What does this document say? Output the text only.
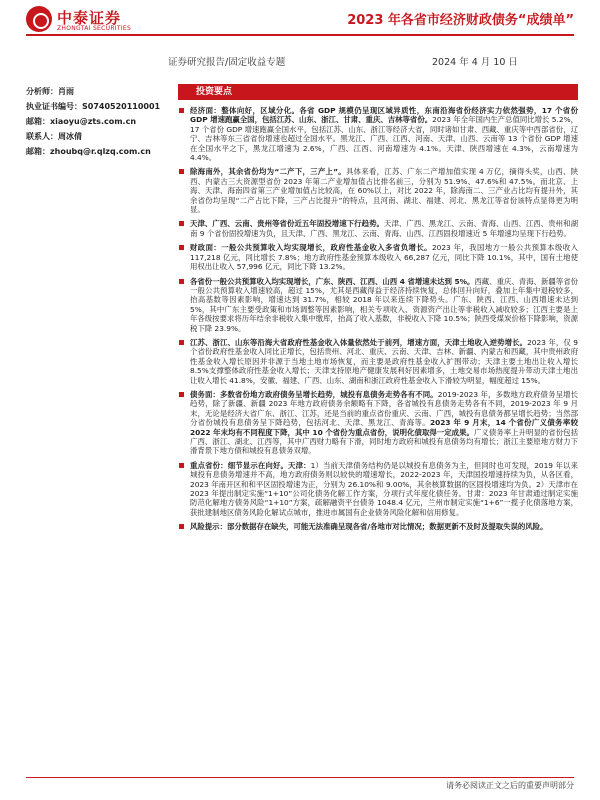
中泰证券
ZHONGTAI SECURITIES
2023 年各省市经济财政债务“成绩单”
证券研究报告/固定收益专题	2024 年 4 月 10 日
分析师：肖雨
执业证书编号：S0740520110001
邮箱：xiaoyu@zts.com.cn
联系人：周冰倩
邮箱：zhoubq@r.qlzq.com.cn
投资要点
经济面：整体向好，区域分化。各省 GDP 规模仍呈现区域异质性，东南沿海省份经济实力依然强势，17 个省份 GDP 增速跑赢全国，包括江苏、山东、浙江、甘肃、重庆、吉林等省份。2023 年全年国内生产总值同比增长 5.2%，17 个省份 GDP 增速跑赢全国水平，包括江苏、山东、浙江等经济大省，同时诸如甘肃、西藏、重庆等中西部省份，辽宁、吉林等东三省省份增速也超过全国水平。黑龙江、广西、江西、河南、天津、山西、云南等 13 个省份 GDP 增速在全国水平之下，黑龙江增速为 2.6%，广西、江西、河南增速为 4.1%。天津、陕西增速在 4.3%，云南增速为 4.4%。
除海南外，其余省份均为“二产下，三产上”。具体来看，江苏、广东二产增加值实现 4 万亿，摘得头奖，山西、陕西、内蒙古三大资源型省份 2023 年第二产业增加值占比排名前三，分别为 51.9%、47.6%和 47.5%。而北京、上海、天津、海南四省第三产业增加值占比较高，在 60%以上，对比 2022 年，除海南二、三产业占比均有提升外，其余省份均呈现“二产占比下降，三产占比提升”的特点，且河南、湖北、福建、河北、黑龙江等省份该特点显得更为明显。
天津、广西、云南、贵州等省份近五年固投增速下行趋势。天津、广西、黑龙江、云南、青海、山西、江西、贵州和湖南 9 个省份固投增速为负，且天津、广西、黑龙江、云南、青海、山西、江西固投增速近 5 年增速均呈现下行趋势。
财政面：一般公共预算收入均实现增长，政府性基金收入多省负增长。2023 年，我国地方一般公共预算本级收入 117,218 亿元，同比增长 7.8%；地方政府性基金预算本级收入 66,287 亿元，同比下降 10.1%，其中，国有土地使用权出让收入 57,996 亿元，同比下降 13.2%。
各省份一般公共预算收入均实现增长，广东、陕西、江西、山西 4 省增速未达到 5%。西藏、重庆、青海、新疆等省份一般公共预算收入增速较高，超过 15%，尤其是西藏得益于经济持续恢复，总体回升向好，叠加上年集中退税较多，抬高基数等因素影响，增速达到 31.7%，相较 2018 年以来连续下降势头。广东、陕西、江西、山西增速未达到 5%，其中广东主要受政策和市场调整等因素影响，相关专项收入、资源资产出让等非税收入减收较多；江西主要是上年各级按要求将历年结余非税收入集中缴库，抬高了收入基数，非税收入下降 10.5%；陕西受煤炭价格下降影响，资源税下降 23.9%。
江苏、浙江、山东等沿海大省政府性基金收入体量依然处于前列，增速方面，天津土地收入逆势增长。2023 年，仅 9 个省份政府性基金收入同比正增长，包括贵州、河北、重庆、云南、天津、吉林、新疆、内蒙古和西藏，其中贵州政府性基金收入增长原因并非源于当地土地市场恢复，而主要是政府性基金收入扩围带动；天津主要土地出让收入增长 8.5%支撑整体政府性基金收入增长；天津支持原地产健康发展利好因素增多，土地交易市场热度提升带动天津土地出让收入增长 41.8%，安徽、福建、广西、山东、湖南和浙江政府性基金收入下滑较为明显，幅度超过 15%。
债务面：多数省份地方政府债务呈增长趋势，城投有息债务走势各有不同。2019-2023 年，多数地方政府债务呈增长趋势，除了新疆、新疆 2023 年地方政府债务余额略有下降，各省城投有息债务走势各有不同，2019-2023 年 9 月末，无论是经济大省广东、浙江、江苏，还是当前的重点省份重庆、云南、广西，城投有息债务都呈增长趋势；当然部分省份城投有息债务呈下降趋势，包括河北、天津、黑龙江、青海等。2023 年 9 月末，14 个省份广义债务率较 2022 年末均有不同程度下降，其中 10 个省份为重点省份，说明化债取得一定成果。广义债务率上升明显的省份包括广西、浙江、湖北、江西等，其中广西财力略有下滑，同时地方政府和城投有息债务均有增长；浙江主要原地方财力下滑背景下地方债和城投有息债务双增。
重点省份：细节显示在向好。天津：1）当前天津债务结构仍是以城投有息债务为主，但同时也可发现，2019 年以来城投有息债务增速并不高，地方政府债务则以较快的增速增长，2022-2023 年，天津国投增速持续为负，从各区看，2023 年南开区和和平区固投增速为正，分别为 26.10%和 9.00%，其余核算数据的区固投增速均为负。2）天津市在 2023 年提出制定实施“1+10”公司化债务化解工作方案，分项行式年度化债任务。甘肃：2023 年甘肃通过制定实施防范化解地方债务风险“1+10”方案，疏解融资平台债务 1048.4 亿元，兰州市制定实施“1+6”一揽子化债落地方案，获批建制地区债务风险化解试点城市，推进市属国有企业债务风险化解和信用修复。
风险提示：部分数据存在缺失，可能无法准确呈现各省/各地市对比情况；数据更新不及时及提取失误的风险。
请务必阅读正文之后的重要声明部分
